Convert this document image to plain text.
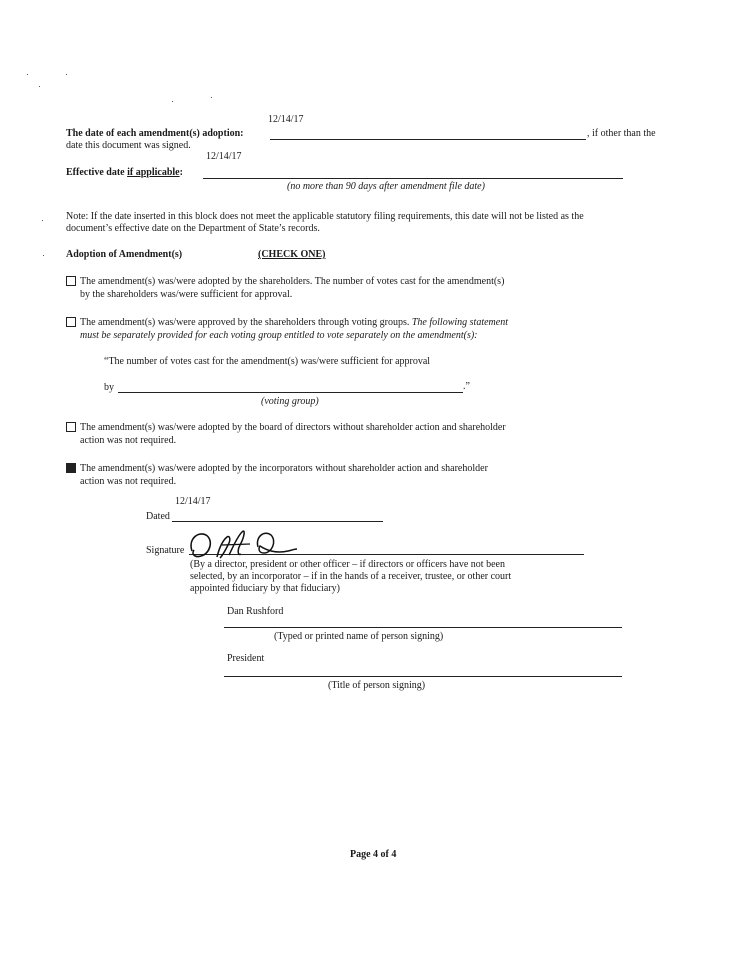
12/14/17
The date of each amendment(s) adoption:	, if other than the
date this document was signed.
12/14/17
Effective date if applicable:
(no more than 90 days after amendment file date)
Note: If the date inserted in this block does not meet the applicable statutory filing requirements, this date will not be listed as the
document’s effective date on the Department of State’s records.
Adoption of Amendment(s)	(CHECK ONE)
The amendment(s) was/were adopted by the shareholders. The number of votes cast for the amendment(s)
by the shareholders was/were sufficient for approval.
The amendment(s) was/were approved by the shareholders through voting groups. The following statement
must be separately provided for each voting group entitled to vote separately on the amendment(s):
“The number of votes cast for the amendment(s) was/were sufficient for approval
by	.”
(voting group)
The amendment(s) was/were adopted by the board of directors without shareholder action and shareholder
action was not required.
The amendment(s) was/were adopted by the incorporators without shareholder action and shareholder
action was not required.
12/14/17
Dated
Signature
(By a director, president or other officer – if directors or officers have not been
selected, by an incorporator – if in the hands of a receiver, trustee, or other court
appointed fiduciary by that fiduciary)
Dan Rushford
(Typed or printed name of person signing)
President
(Title of person signing)
Page 4 of 4
